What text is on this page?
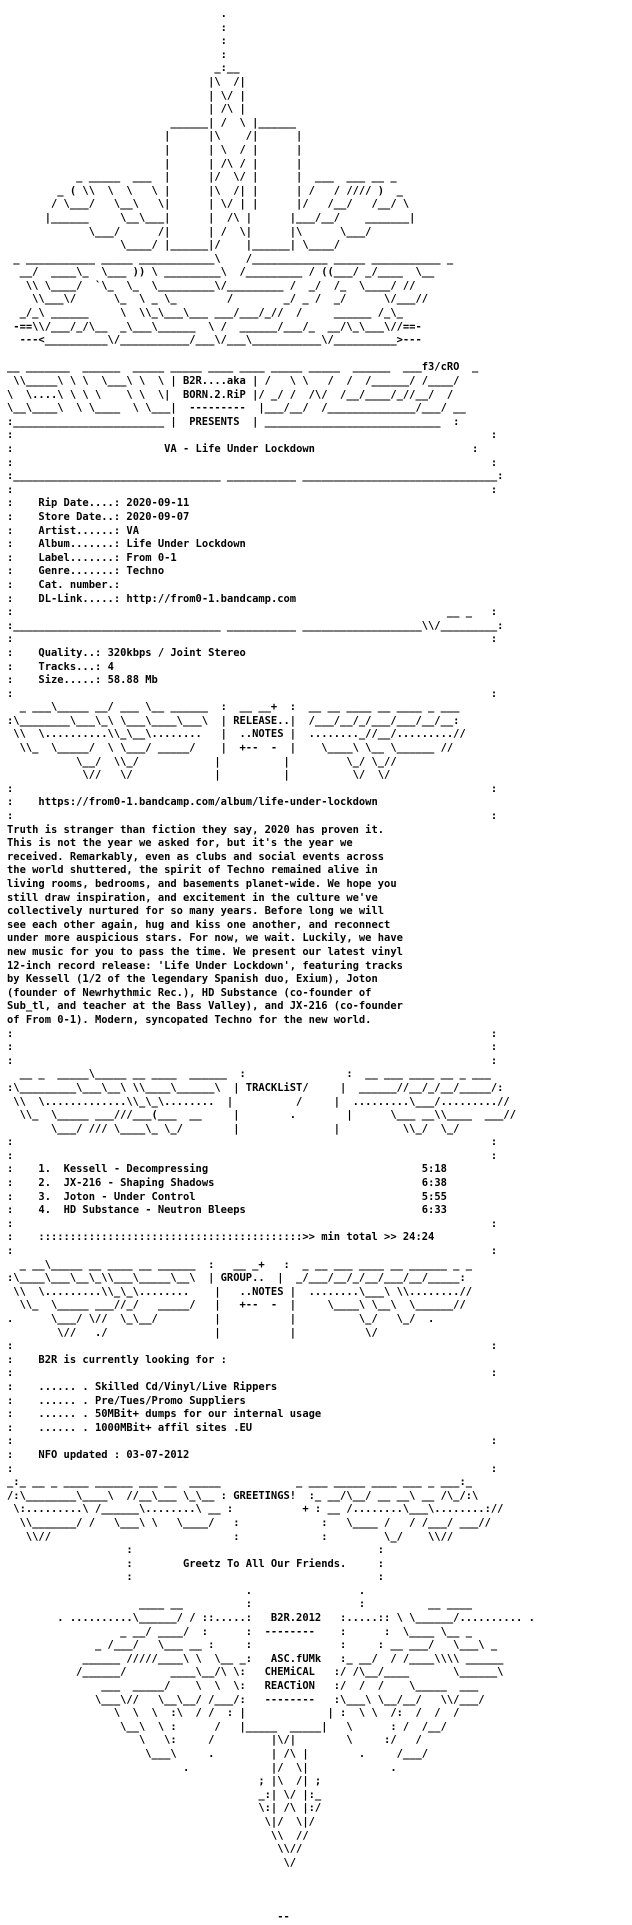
.
:
:
:
_:__
|\  /|
| \/ |
| /\ |
______| /  \ |______
|      |\    /|      |
|      | \  / |      |
|      | /\ / |      |
_ _____  ___  |      |/  \/ |      |  ___  ___ __ _
_ ( \\  \  \   \ |      |\  /| |      | /   / //// )  _
/ \___/   \__\   \|      | \/ | |      |/   /__/   /__/ \
|______     \__\___|      |  /\ |      |___/__/    _______|
\___/      /|      | /  \|      |\      \___/
\____/ |______|/    |______| \____/
_ ___________ _____ ____________\    /____________ _____ ___________ _
__/  ____\_  \___ )) \ _________\  /_________ / ((___/ _/____  \__
\\ \____/  `\_  \_  \_________\/_________ /  _/  /_  \____/ //
\\___\/      \_  \ _ \_        /        _/ _ /  _/      \/___//
_/_\ ______     \  \\_\___\___ ___/___/_//  /     ______ /_\_
-==\\/___/_/\__  _\___\______  \ /  ______/___/_  __/\_\___\//==-
---<__________\/___________/___\/___\___________\/__________>---

__ _______  ______  _____ _____ ____ ____ _____ _____  ______  ___f3/cRO  _
\\_____\ \ \  \___\ \  \ | B2R....aka | /   \ \   /  /  /______/ /____/
\  \....\ \ \ \    \ \  \|  BORN.2.RiP |/ _/ /  /\/  /__/____/_//__/  /
\__\____\  \ \____  \ \___|  ---------  |___/__/  /______________/___/ __
:________________________ |  PRESENTS  | ____________________________  :
:                                                                            :
:	VA - Life Under Lockdown	:
:                                                                            :
:_________________________________ ___________ _______________________________:
:                                                                            :
:    Rip Date....: 2020-09-11
:    Store Date..: 2020-09-07
:    Artist......: VA
:    Album.......: Life Under Lockdown
:    Label.......: From 0-1
:    Genre.......: Techno
:    Cat. number.:
:    DL-Link.....: http://from0-1.bandcamp.com
:                                                                     __ _   :
:_________________________________ ___________ ___________________\\/_________:
:                                                                            :
:    Quality..: 320kbps / Joint Stereo
:    Tracks...: 4
:    Size.....: 58.88 Mb
:                                                                            :
_ ___\_____ __/ ___ \__ ______  :  __ __+  :  __ __ ____ __ ____ _ ___
:\________\___\_\ \___\____\___\  | RELEASE..|  /___/__/_/___/___/__/__:
\\  \..........\\_\__\........   |  ..NOTES |  ........_//__/.........//
\\_  \_____/  \ \___/ _____/    |  +--  -  |    \____\ \__ \______ //
\__/  \\_/            |          |         \_/ \_//
\//   \/             |          |          \/  \/
:                                                                            :
:    https://from0-1.bandcamp.com/album/life-under-lockdown
:                                                                            :
Truth is stranger than fiction they say, 2020 has proven it.
This is not the year we asked for, but it's the year we
received. Remarkably, even as clubs and social events across
the world shuttered, the spirit of Techno remained alive in
living rooms, bedrooms, and basements planet-wide. We hope you
still draw inspiration, and excitement in the culture we've
collectively nurtured for so many years. Before long we will
see each other again, hug and kiss one another, and reconnect
under more auspicious stars. For now, we wait. Luckily, we have
new music for you to pass the time. We present our latest vinyl
12-inch record release: 'Life Under Lockdown', featuring tracks
by Kessell (1/2 of the legendary Spanish duo, Exium), Joton
(founder of Newrhythmic Rec.), HD Substance (co-founder of
Sub_tl, and teacher at the Bass Valley), and JX-216 (co-founder
of From 0-1). Modern, syncopated Techno for the new world.
:                                                                            :
:                                                                            :
:                                                                            :
__ _  _____\_____ __ ____  ______  :                :  __ ___ ____ __ _ ___
:\_________\___\__\ \\____\______\  | TRACKLiST/     |  ______//__/_/__/_____/:
\\  \.............\\_\_\........  |          /     |  .........\___/.........//
\\_  \_____ ___///___(___  __     |        .        |      \___ __\\____  ___//
\___/ /// \____\_ \_/        |               |          \\_/  \_/
:                                                                            :
:                                                                            :
:    1. Kessell - Decompressing	5:18
:    2. JX-216 - Shaping Shadows	6:38
:    3. Joton - Under Control	5:55
:    4. HD Substance - Neutron Bleeps	6:33
:                                                                            :
:    ::::::::::::::::::::::::::::::::::::::::::>> min total >> 24:24
:                                                                            :
_ __\_____ __ ____ __ ______  :   __ _+   :  _ __ ___ ____ __ ______ _ _
:\____\___\__\_\\___\_____\__\  | GROUP..  |  _/___/__/_/__/___/__/_____:
\\  \.........\\_\_\........    |   ..NOTES |  ........\___\ \\........//
\\_  \_____ ___//_/   _____/   |   +--  -  |     \____\ \__\  \______//
.      \___/ \//  \_\__/         |           |          \_/   \_/  .
\//   ./                 |           |           \/
:                                                                            :
:    B2R is currently looking for :
:                                                                            :
:    ...... . Skilled Cd/Vinyl/Live Rippers
:    ...... . Pre/Tues/Promo Suppliers
:    ...... . 50MBit+ dumps for our internal usage
:    ...... . 1000MBit+ affil sites .EU
:                                                                            :
:    NFO updated : 03-07-2012
:                                                                            :
_:_ __ _ ____ ______ ___ __  _____            _ ___ _____ ____ ___ _ ___:_
/:\________\____\  //__\___ \_\__ : GREETINGS!  :_ __/\__/ __ __\ __ /\_/:\
\:.........\ /______\........\ __ :           + : __ /........\___\........://
\\_______/ /   \___\ \   \____/   :             :   \____ /   / /___/ ___//
\\//                             :             :         \_/    \\//
:                                       :
:	Greetz To All Our Friends.	:
:                                       :
.                 .
____ __          :                 :          __ ____
. ..........\______/ / ::.....:   B2R.2012   :.....:: \ \______/.......... .
_ __/ ____/  :      :  --------    :      :  \____ \__ _
_ /___/   \___ __ :     :              :     : __ ___/   \___\ _
______ /////____\ \  \__ _:   ASC.fUMk   :_ __/  / /____\\\\ ______
/______/       ____\__/\ \:   CHEMiCAL   :/ /\__/____       \______\
___  _____/    \  \  \:   REACTiON   :/  /  /    \_____  ___
\___\//   \__\__/ /___/:   --------   :\___\ \__/__/   \\/___/
\  \  \  :\  / /  : |             | :  \ \  /:  /  /  /
\__\  \ :      /   |_____  _____|   \      : /  /__/
\   \:     /         |\/|        \     :/   /
\___\     .         | /\ |        .     /___/
.             |/  \|             .
; |\  /| ;
_:| \/ |:_
\:| /\ |:/
\|/  \|/
\\  //
\\//
\/

--
